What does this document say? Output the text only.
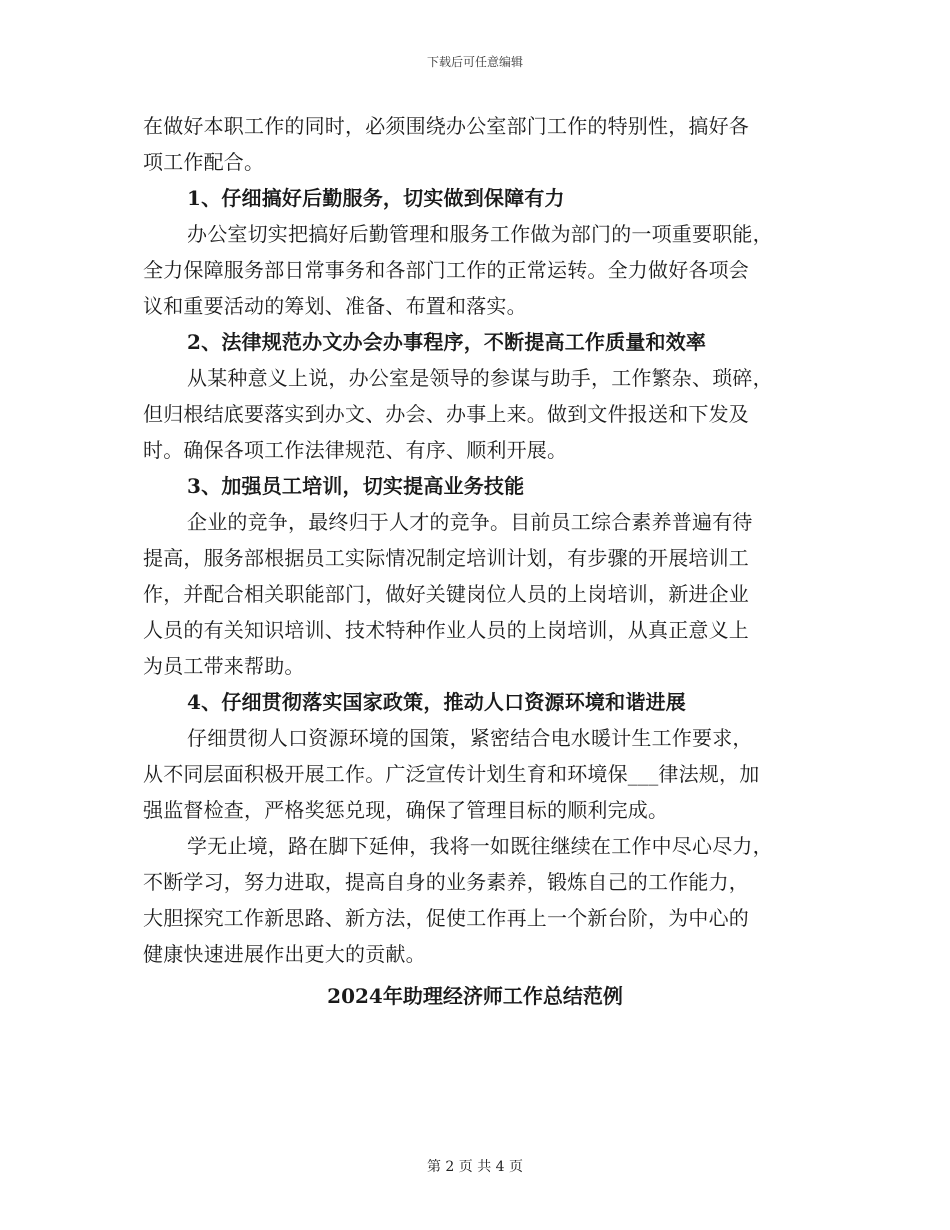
下载后可任意编辑
在做好本职工作的同时，必须围绕办公室部门工作的特别性，搞好各
项工作配合。
1、仔细搞好后勤服务，切实做到保障有力
办公室切实把搞好后勤管理和服务工作做为部门的一项重要职能，
全力保障服务部日常事务和各部门工作的正常运转。全力做好各项会
议和重要活动的筹划、准备、布置和落实。
2、法律规范办文办会办事程序，不断提高工作质量和效率
从某种意义上说，办公室是领导的参谋与助手，工作繁杂、琐碎，
但归根结底要落实到办文、办会、办事上来。做到文件报送和下发及
时。确保各项工作法律规范、有序、顺利开展。
3、加强员工培训，切实提高业务技能
企业的竞争，最终归于人才的竞争。目前员工综合素养普遍有待
提高，服务部根据员工实际情况制定培训计划，有步骤的开展培训工
作，并配合相关职能部门，做好关键岗位人员的上岗培训，新进企业
人员的有关知识培训、技术特种作业人员的上岗培训，从真正意义上
为员工带来帮助。
4、仔细贯彻落实国家政策，推动人口资源环境和谐进展
仔细贯彻人口资源环境的国策，紧密结合电水暖计生工作要求，
从不同层面积极开展工作。广泛宣传计划生育和环境保___律法规，加
强监督检查，严格奖惩兑现，确保了管理目标的顺利完成。
学无止境，路在脚下延伸，我将一如既往继续在工作中尽心尽力，
不断学习，努力进取，提高自身的业务素养，锻炼自己的工作能力，
大胆探究工作新思路、新方法，促使工作再上一个新台阶，为中心的
健康快速进展作出更大的贡献。
2024年助理经济师工作总结范例
第 2 页 共 4 页
